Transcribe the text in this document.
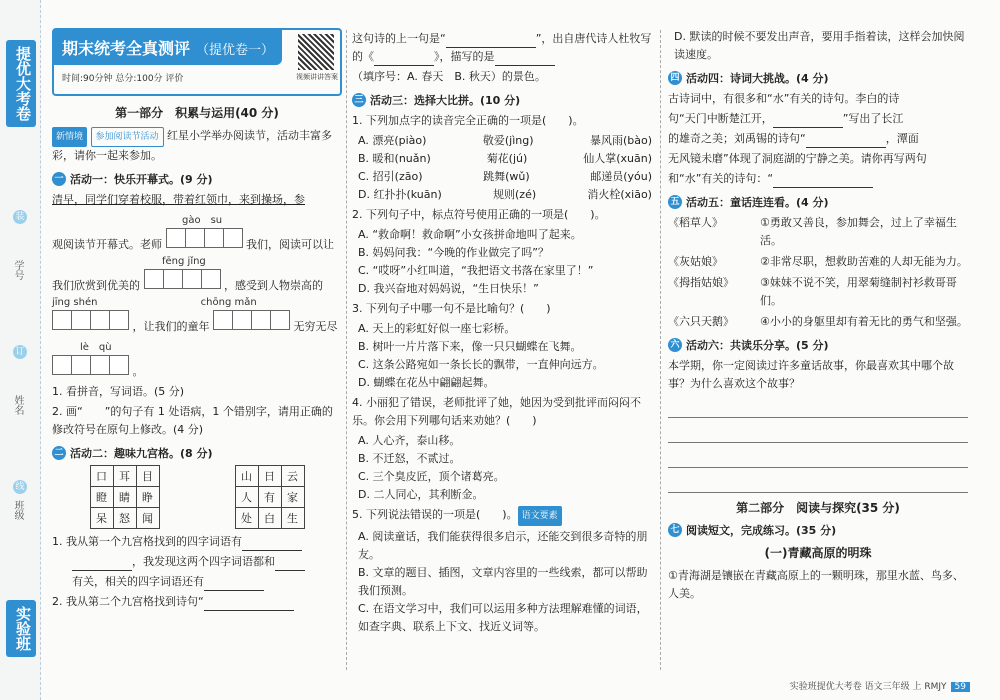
提优大考卷
装
学号
订
姓名
线
班级
实验班
期末统考全真测评 （提优卷一）
时间:90分钟 总分:100分 评价	视频讲讲答案
第一部分　积累与运用(40 分)
新情境 参加阅读节活动 红星小学举办阅读节，活动丰富多彩，请你一起来参加。
一 活动一：快乐开幕式。(9 分)
清早，同学们穿着校服，带着红领巾，来到操场，参
gào　su
观阅读节开幕式。老师	我们，阅读可以让
fēng jǐng
我们欣赏到优美的	，感受到人物崇高的
jīng shén	chōng mǎn
，让我们的童年	无穷无尽
lè　qù
。
1. 看拼音，写词语。(5 分)
2. 画“　　”的句子有 1 处语病，1 个错别字，请用正确的修改符号在原句上修改。(4 分)
二 活动二：趣味九宫格。(8 分)
口	耳	目
瞪	睛	睁
呆	怒	闻
山	日	云
人	有	家
处	白	生
1. 我从第一个九宫格找到的四字词语有
，我发现这两个四字词语都和
有关，相关的四字词语还有
2. 我从第二个九宫格找到诗句“
这句诗的上一句是“	”，出自唐代诗人杜牧写的《	》，描写的是
（填序号：A. 春天　B. 秋天）的景色。
三 活动三：选择大比拼。(10 分)
1. 下列加点字的读音完全正确的一项是(　　)。
A. 漂亮(piào)	敬爱(jìng)	暴风雨(bào)
B. 暖和(nuǎn)	菊花(jú)	仙人掌(xuān)
C. 招引(zāo)	跳舞(wǔ)	邮递员(yóu)
D. 红扑扑(kuān)	规则(zé)	消火栓(xiāo)
2. 下列句子中，标点符号使用正确的一项是(　　)。
A. “救命啊！救命啊”小女孩拼命地叫了起来。
B. 妈妈问我：“今晚的作业做完了吗”？
C. “哎呀”小红叫道，“我把语文书落在家里了！”
D. 我兴奋地对妈妈说，“生日快乐！”
3. 下列句子中哪一句不是比喻句？(　　)
A. 天上的彩虹好似一座七彩桥。
B. 树叶一片片落下来，像一只只蝴蝶在飞舞。
C. 这条公路宛如一条长长的飘带，一直伸向远方。
D. 蝴蝶在花丛中翩翩起舞。
4. 小丽犯了错误，老师批评了她，她因为受到批评而闷闷不乐。你会用下列哪句话来劝她？(　　)
A. 人心齐，泰山移。
B. 不迁怒，不贰过。
C. 三个臭皮匠，顶个诸葛亮。
D. 二人同心，其利断金。
5. 下列说法错误的一项是(　　)。 语文要素
A. 阅读童话，我们能获得很多启示，还能交到很多奇特的朋友。
B. 文章的题目、插图，文章内容里的一些线索，都可以帮助我们预测。
C. 在语文学习中，我们可以运用多种方法理解难懂的词语，如查字典、联系上下文、找近义词等。
D. 默读的时候不要发出声音，要用手指着读，这样会加快阅读速度。
四 活动四：诗词大挑战。(4 分)
古诗词中，有很多和“水”有关的诗句。李白的诗
句“天门中断楚江开，	”写出了长江
的雄奇之美；刘禹锡的诗句“	，潭面
无风镜未磨”体现了洞庭湖的宁静之美。请你再写两句
和“水”有关的诗句：“
五 活动五：童话连连看。(4 分)
《稻草人》	①勇敢又善良，参加舞会，过上了幸福生活。
《灰姑娘》	②非常尽职，想救助苦难的人却无能为力。
《拇指姑娘》	③妹妹不说不笑，用翠菊缝制衬衫救哥哥们。
《六只天鹅》	④小小的身躯里却有着无比的勇气和坚强。
六 活动六：共读乐分享。(5 分)
本学期，你一定阅读过许多童话故事，你最喜欢其中哪个故事？为什么喜欢这个故事？
第二部分　阅读与探究(35 分)
七 阅读短文，完成练习。(35 分)
(一)青藏高原的明珠
①青海湖是镶嵌在青藏高原上的一颗明珠，那里水蓝、鸟多、人美。
实验班提优大考卷 语文三年级 上 RMJY 59
